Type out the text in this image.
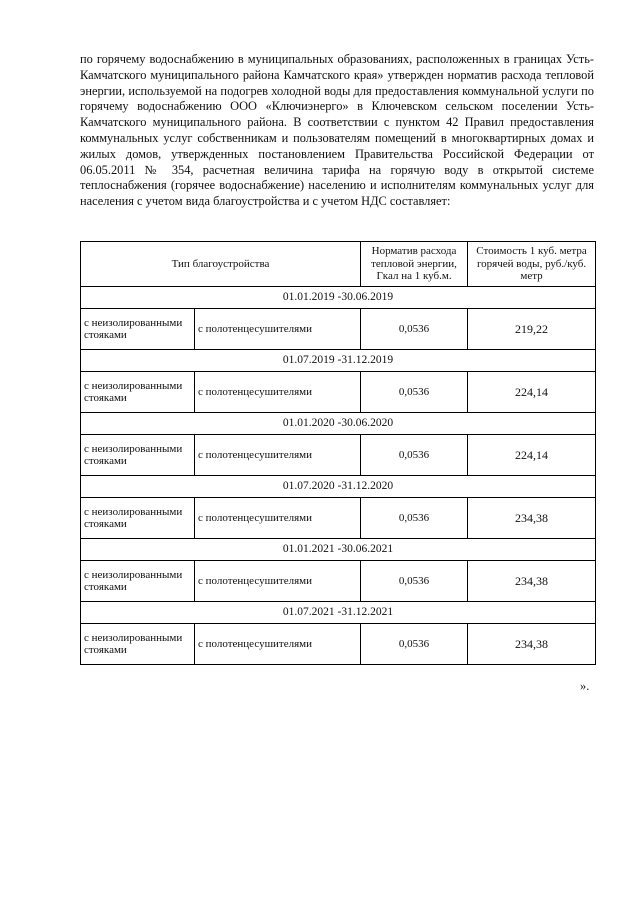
по горячему водоснабжению в муниципальных образованиях, расположенных в границах Усть-Камчатского муниципального района Камчатского края» утвержден норматив расхода тепловой энергии, используемой на подогрев холодной воды для предоставления коммунальной услуги по горячему водоснабжению ООО «Ключиэнерго» в Ключевском сельском поселении Усть-Камчатского муниципального района. В соответствии с пунктом 42 Правил предоставления коммунальных услуг собственникам и пользователям помещений в многоквартирных домах и жилых домов, утвержденных постановлением Правительства Российской Федерации от 06.05.2011 № 354, расчетная величина тарифа на горячую воду в открытой системе теплоснабжения (горячее водоснабжение) населению и исполнителям коммунальных услуг для населения с учетом вида благоустройства и с учетом НДС составляет:
Тип благоустройства		Норматив расхода тепловой энергии, Гкал на 1 куб.м.	Стоимость 1 куб. метра горячей воды, руб./куб. метр
01.01.2019 -30.06.2019			
с неизолированными стояками	с полотенцесушителями	0,0536	219,22
01.07.2019 -31.12.2019			
с неизолированными стояками	с полотенцесушителями	0,0536	224,14
01.01.2020 -30.06.2020			
с неизолированными стояками	с полотенцесушителями	0,0536	224,14
01.07.2020 -31.12.2020			
с неизолированными стояками	с полотенцесушителями	0,0536	234,38
01.01.2021 -30.06.2021			
с неизолированными стояками	с полотенцесушителями	0,0536	234,38
01.07.2021 -31.12.2021			
с неизолированными стояками	с полотенцесушителями	0,0536	234,38
».
